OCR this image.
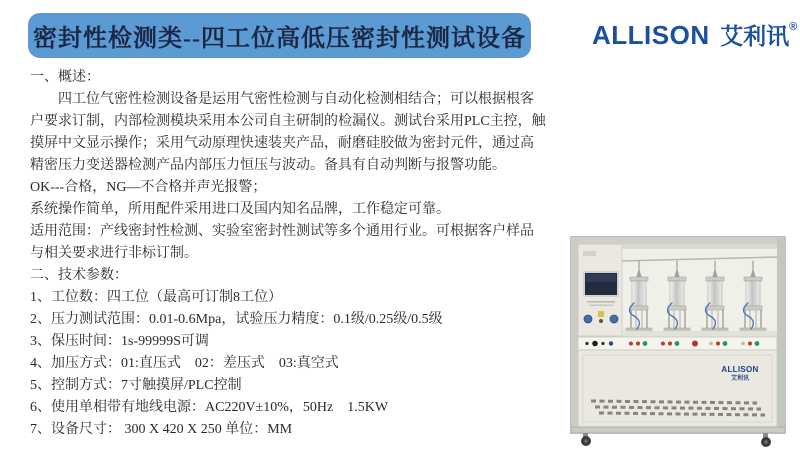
密封性检测类--四工位高低压密封性测试设备	ALLISON 艾利讯®

一、概述：

四工位气密性检测设备是运用气密性检测与自动化检测相结合；可以根据根客户要求订制，内部检测模块采用本公司自主研制的检漏仪。测试台采用PLC主控，触摸屏中文显示操作；采用气动原理快速装夹产品，耐磨硅胶做为密封元件，通过高精密压力变送器检测产品内部压力恒压与波动。备具有自动判断与报警功能。

OK---合格，NG—不合格并声光报警；

系统操作简单，所用配件采用进口及国内知名品牌，工作稳定可靠。

适用范围：产线密封性检测、实验室密封性测试等多个通用行业。可根据客户样品与相关要求进行非标订制。

二、技术参数：

1、工位数：四工位（最高可订制8工位）

2、压力测试范围：0.01-0.6Mpa，试验压力精度：0.1级/0.25级/0.5级

3、保压时间：1s-99999S可调

4、加压方式：01:直压式　02：差压式　03:真空式

5、控制方式：7寸触摸屏/PLC控制

6、使用单相带有地线电源：AC220V±10%，50Hz　1.5KW

7、设备尺寸： 300 X 420 X 250 单位：MM

ALLISON
艾利讯
